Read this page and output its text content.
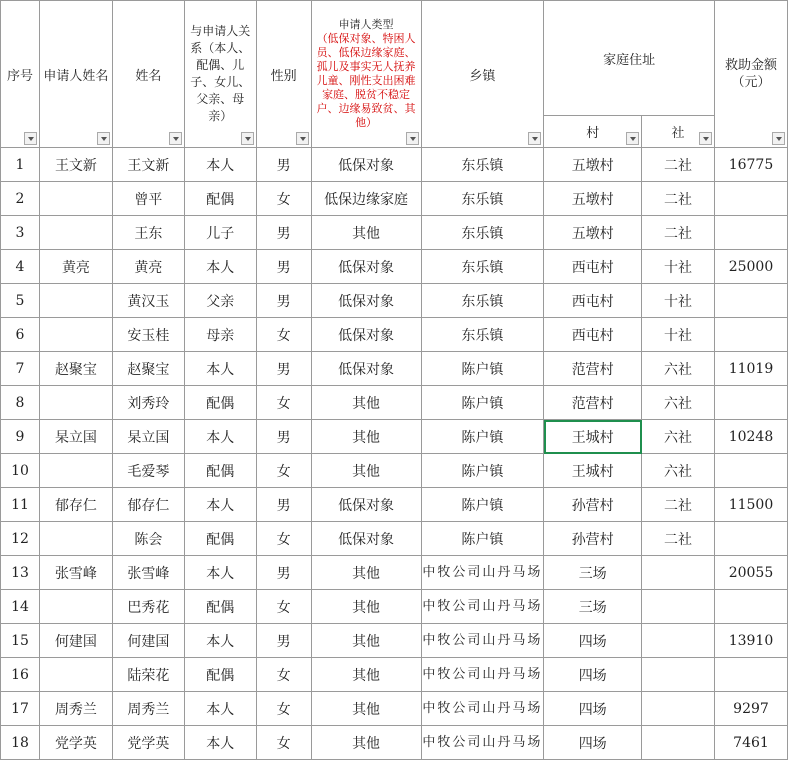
序号	申请人姓名	姓名	与申请人关系（本人、配偶、儿子、女儿、父亲、母亲）	性别	申请人类型
（低保对象、特困人员、低保边缘家庭、孤儿及事实无人抚养儿童、刚性支出困难家庭、脱贫不稳定户、边缘易致贫、其他）	乡镇	家庭住址		救助金额（元）

							村	社	

1	王文新	王文新	本人	男	低保对象	东乐镇	五墩村	二社	16775
2		曾平	配偶	女	低保边缘家庭	东乐镇	五墩村	二社	
3		王东	儿子	男	其他	东乐镇	五墩村	二社	
4	黄亮	黄亮	本人	男	低保对象	东乐镇	西屯村	十社	25000
5		黄汉玉	父亲	男	低保对象	东乐镇	西屯村	十社	
6		安玉桂	母亲	女	低保对象	东乐镇	西屯村	十社	
7	赵聚宝	赵聚宝	本人	男	低保对象	陈户镇	范营村	六社	11019
8		刘秀玲	配偶	女	其他	陈户镇	范营村	六社	
9	杲立国	杲立国	本人	男	其他	陈户镇	王城村	六社	10248
10		毛爱琴	配偶	女	其他	陈户镇	王城村	六社	
11	郁存仁	郁存仁	本人	男	低保对象	陈户镇	孙营村	二社	11500
12		陈会	配偶	女	低保对象	陈户镇	孙营村	二社	
13	张雪峰	张雪峰	本人	男	其他	中牧公司山丹马场	三场		20055
14		巴秀花	配偶	女	其他	中牧公司山丹马场	三场		
15	何建国	何建国	本人	男	其他	中牧公司山丹马场	四场		13910
16		陆荣花	配偶	女	其他	中牧公司山丹马场	四场		
17	周秀兰	周秀兰	本人	女	其他	中牧公司山丹马场	四场		9297
18	党学英	党学英	本人	女	其他	中牧公司山丹马场	四场		7461
